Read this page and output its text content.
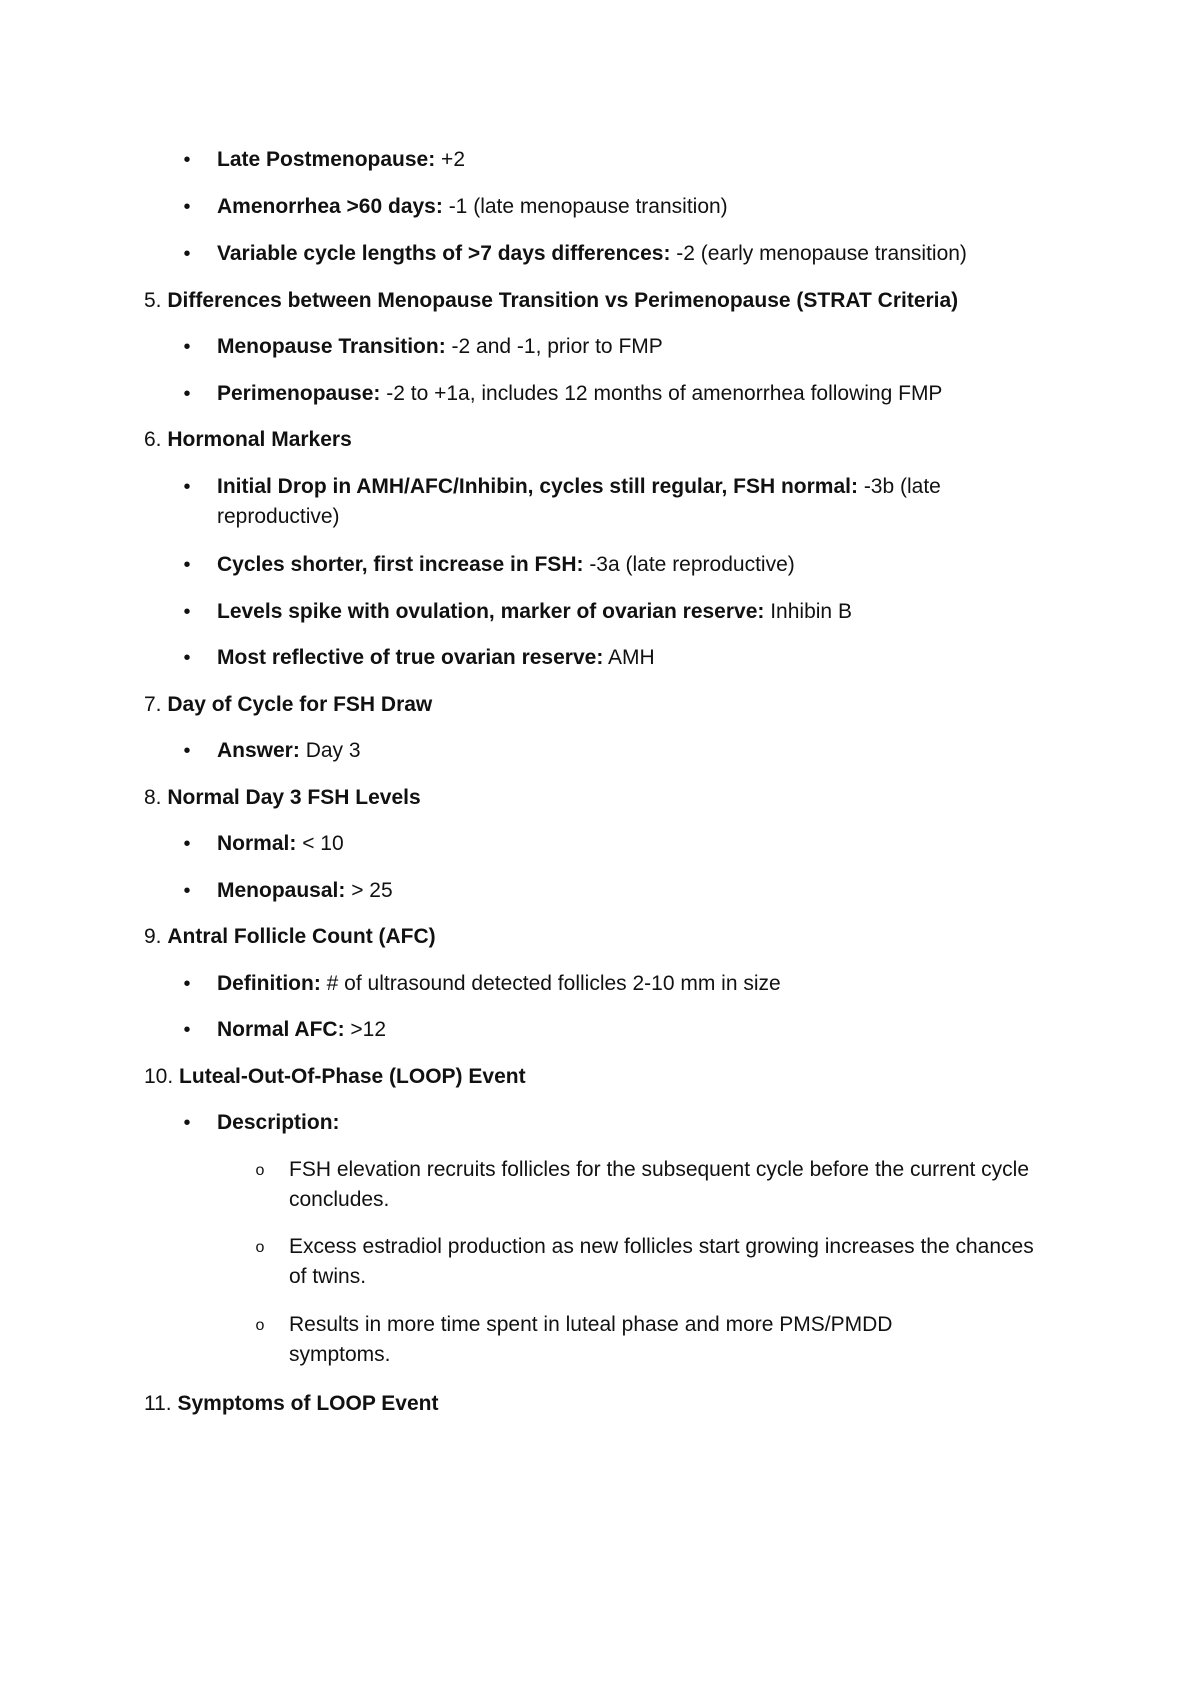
• Late Postmenopause: +2
• Amenorrhea >60 days: -1 (late menopause transition)
• Variable cycle lengths of >7 days differences: -2 (early menopause transition)
5. Differences between Menopause Transition vs Perimenopause (STRAT Criteria)
• Menopause Transition: -2 and -1, prior to FMP
• Perimenopause: -2 to +1a, includes 12 months of amenorrhea following FMP
6. Hormonal Markers
• Initial Drop in AMH/AFC/Inhibin, cycles still regular, FSH normal: -3b (late reproductive)
• Cycles shorter, first increase in FSH: -3a (late reproductive)
• Levels spike with ovulation, marker of ovarian reserve: Inhibin B
• Most reflective of true ovarian reserve: AMH
7. Day of Cycle for FSH Draw
• Answer: Day 3
8. Normal Day 3 FSH Levels
• Normal: < 10
• Menopausal: > 25
9. Antral Follicle Count (AFC)
• Definition: # of ultrasound detected follicles 2-10 mm in size
• Normal AFC: >12
10. Luteal-Out-Of-Phase (LOOP) Event
• Description:
o FSH elevation recruits follicles for the subsequent cycle before the current cycle concludes.
o Excess estradiol production as new follicles start growing increases the chances of twins.
o Results in more time spent in luteal phase and more PMS/PMDD symptoms.
11. Symptoms of LOOP Event
